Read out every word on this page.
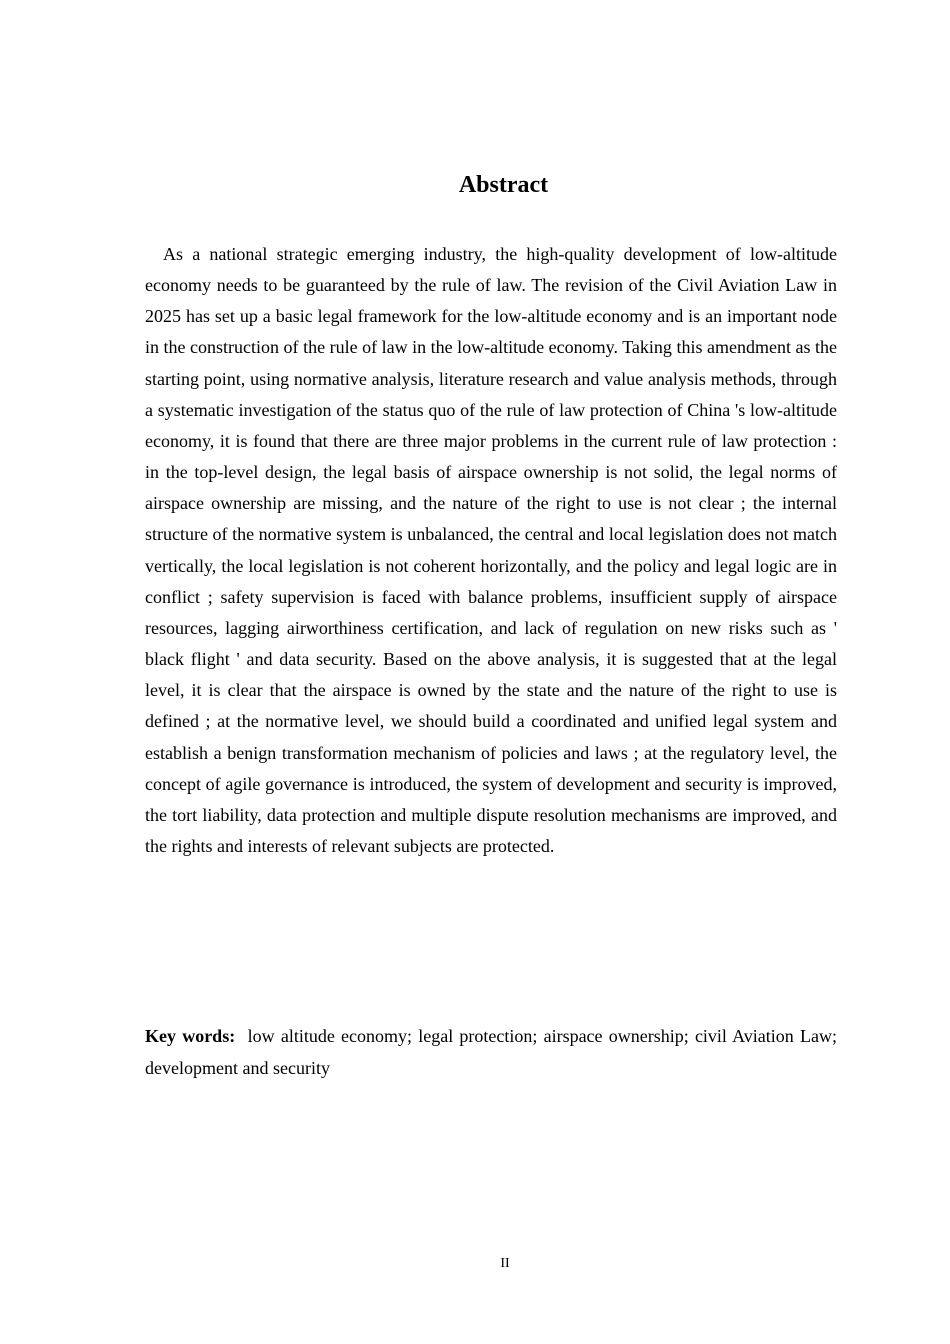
Abstract

As a national strategic emerging industry, the high-quality development of low-altitude economy needs to be guaranteed by the rule of law. The revision of the Civil Aviation Law in 2025 has set up a basic legal framework for the low-altitude economy and is an important node in the construction of the rule of law in the low-altitude economy. Taking this amendment as the starting point, using normative analysis, literature research and value analysis methods, through a systematic investigation of the status quo of the rule of law protection of China 's low-altitude economy, it is found that there are three major problems in the current rule of law protection : in the top-level design, the legal basis of airspace ownership is not solid, the legal norms of airspace ownership are missing, and the nature of the right to use is not clear ; the internal structure of the normative system is unbalanced, the central and local legislation does not match vertically, the local legislation is not coherent horizontally, and the policy and legal logic are in conflict ; safety supervision is faced with balance problems, insufficient supply of airspace resources, lagging airworthiness certification, and lack of regulation on new risks such as ' black flight ' and data security. Based on the above analysis, it is suggested that at the legal level, it is clear that the airspace is owned by the state and the nature of the right to use is defined ; at the normative level, we should build a coordinated and unified legal system and establish a benign transformation mechanism of policies and laws ; at the regulatory level, the concept of agile governance is introduced, the system of development and security is improved, the tort liability, data protection and multiple dispute resolution mechanisms are improved, and the rights and interests of relevant subjects are protected.

Key words: low altitude economy; legal protection; airspace ownership; civil Aviation Law; development and security

II
